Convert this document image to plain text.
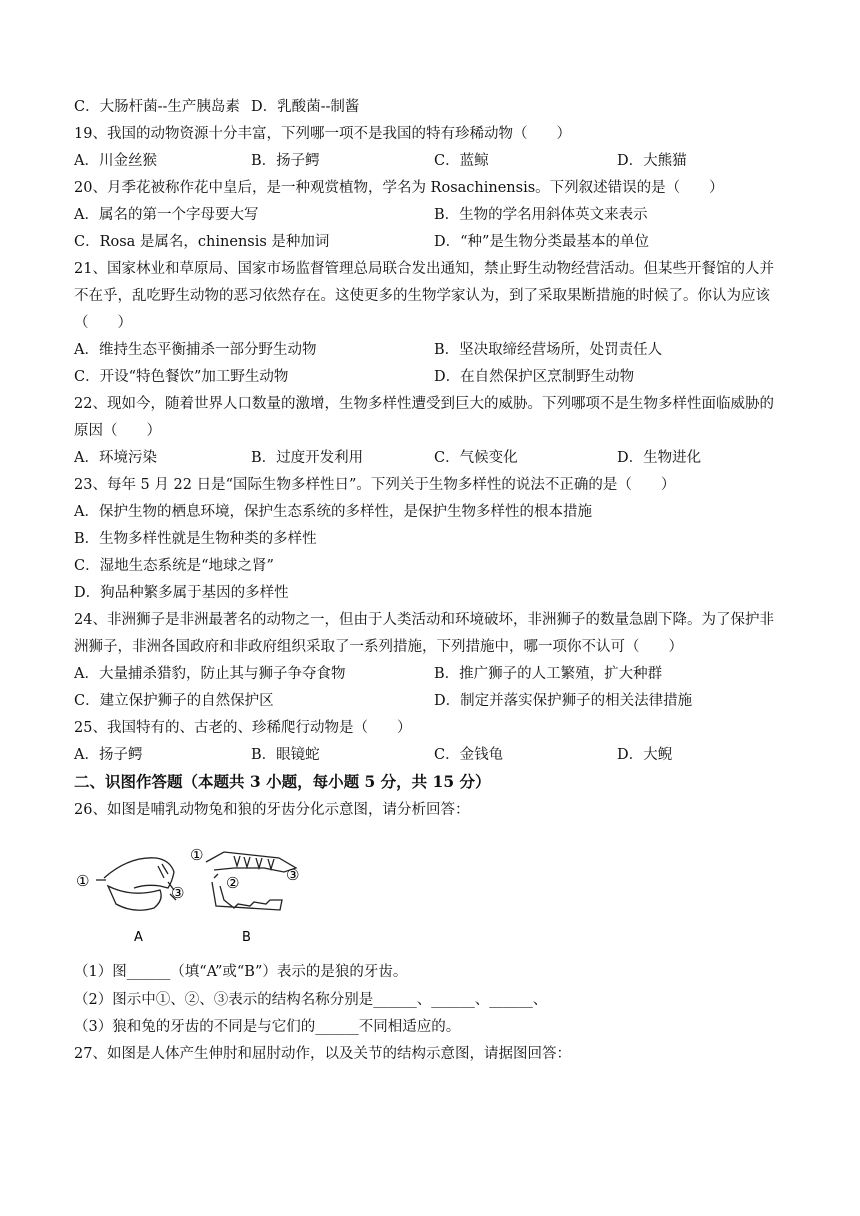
C．大肠杆菌--生产胰岛素 D．乳酸菌--制酱
19、我国的动物资源十分丰富，下列哪一项不是我国的特有珍稀动物（　　）
A．川金丝猴	B．扬子鳄	C．蓝鲸	D．大熊猫
20、月季花被称作花中皇后，是一种观赏植物，学名为 Rosachinensis。下列叙述错误的是（　　）
A．属名的第一个字母要大写	B．生物的学名用斜体英文来表示
C．Rosa 是属名，chinensis 是种加词	D．“种”是生物分类最基本的单位
21、国家林业和草原局、国家市场监督管理总局联合发出通知，禁止野生动物经营活动。但某些开餐馆的人并
不在乎，乱吃野生动物的恶习依然存在。这使更多的生物学家认为，到了采取果断措施的时候了。你认为应该
（　　）
A．维持生态平衡捕杀一部分野生动物	B．坚决取缔经营场所，处罚责任人
C．开设“特色餐饮”加工野生动物	D．在自然保护区烹制野生动物
22、现如今，随着世界人口数量的激增，生物多样性遭受到巨大的威胁。下列哪项不是生物多样性面临威胁的
原因（　　）
A．环境污染	B．过度开发利用	C．气候变化	D．生物进化
23、每年 5 月 22 日是“国际生物多样性日”。下列关于生物多样性的说法不正确的是（　　）
A．保护生物的栖息环境，保护生态系统的多样性，是保护生物多样性的根本措施
B．生物多样性就是生物种类的多样性
C．湿地生态系统是“地球之肾”
D．狗品种繁多属于基因的多样性
24、非洲狮子是非洲最著名的动物之一，但由于人类活动和环境破坏，非洲狮子的数量急剧下降。为了保护非
洲狮子，非洲各国政府和非政府组织采取了一系列措施，下列措施中，哪一项你不认可（　　）
A．大量捕杀猎豹，防止其与狮子争夺食物	B．推广狮子的人工繁殖，扩大种群
C．建立保护狮子的自然保护区	D．制定并落实保护狮子的相关法律措施
25、我国特有的、古老的、珍稀爬行动物是（　　）
A．扬子鳄	B．眼镜蛇	C．金钱龟	D．大鲵
二、识图作答题（本题共 3 小题，每小题 5 分，共 15 分）
26、如图是哺乳动物兔和狼的牙齿分化示意图，请分析回答：
①
③
A
①
②	③
B
（1）图______（填“A”或“B”）表示的是狼的牙齿。
（2）图示中①、②、③表示的结构名称分别是______、______、______、
（3）狼和兔的牙齿的不同是与它们的______不同相适应的。
27、如图是人体产生伸肘和屈肘动作，以及关节的结构示意图，请据图回答：
